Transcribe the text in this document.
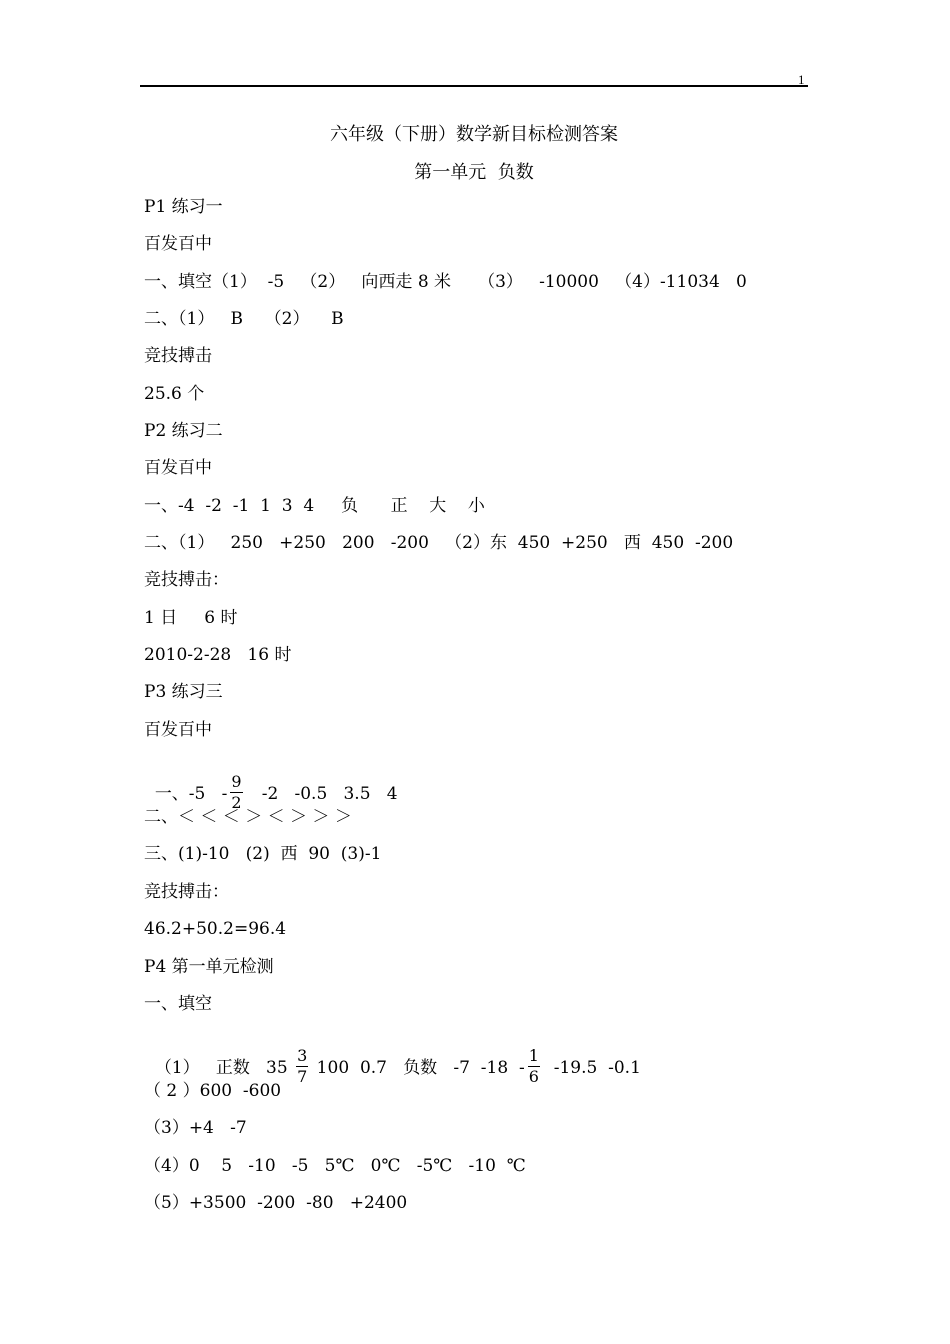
1
六年级（下册）数学新目标检测答案
第一单元  负数
P1 练习一
百发百中
一、填空（1）  -5   （2）   向西走 8 米     （3）   -10000   （4）-11034   0
二、（1）   B    （2）    B
竞技搏击
25.6 个
P2 练习二
百发百中
一、-4  -2  -1  1  3  4     负      正    大    小
二、（1）   250   +250   200   -200   （2）东  450  +250   西  450  -200
竞技搏击：
1 日     6 时
2010-2-28   16 时
P3 练习三
百发百中

一、$-5 - \frac{9}{2} -2$   -0.5   3.5   4

二、＜ ＜ ＜ ＞ ＜ ＞ ＞ ＞
三、(1)-10   (2)  西  90  (3)-1
竞技搏击：
46.2+50.2=96.4
P4 第一单元检测
一、填空

（1）   正数   $35 \frac{3}{7} 100$  0.7   负数   -7  $-18 - \frac{1}{6} -19.5$  -0.1

（ 2 ）600  -600
（3）+4   -7
（4）0    5   -10   -5   5℃   0℃   -5℃   -10  ℃
（5）+3500  -200  -80   +2400
